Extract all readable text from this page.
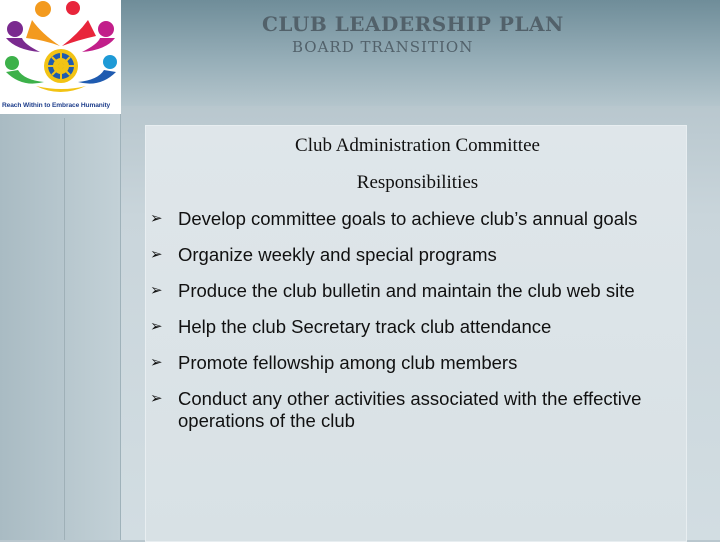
Reach Within to Embrace Humanity
CLUB LEADERSHIP PLAN
BOARD TRANSITION
Club Administration Committee
Responsibilities
➢ Develop committee goals to achieve club’s annual goals
➢ Organize weekly and special programs
➢ Produce the club bulletin and maintain the club web site
➢ Help the club Secretary track club attendance
➢ Promote fellowship among club members
➢ Conduct any other activities associated with the effective operations of the club
